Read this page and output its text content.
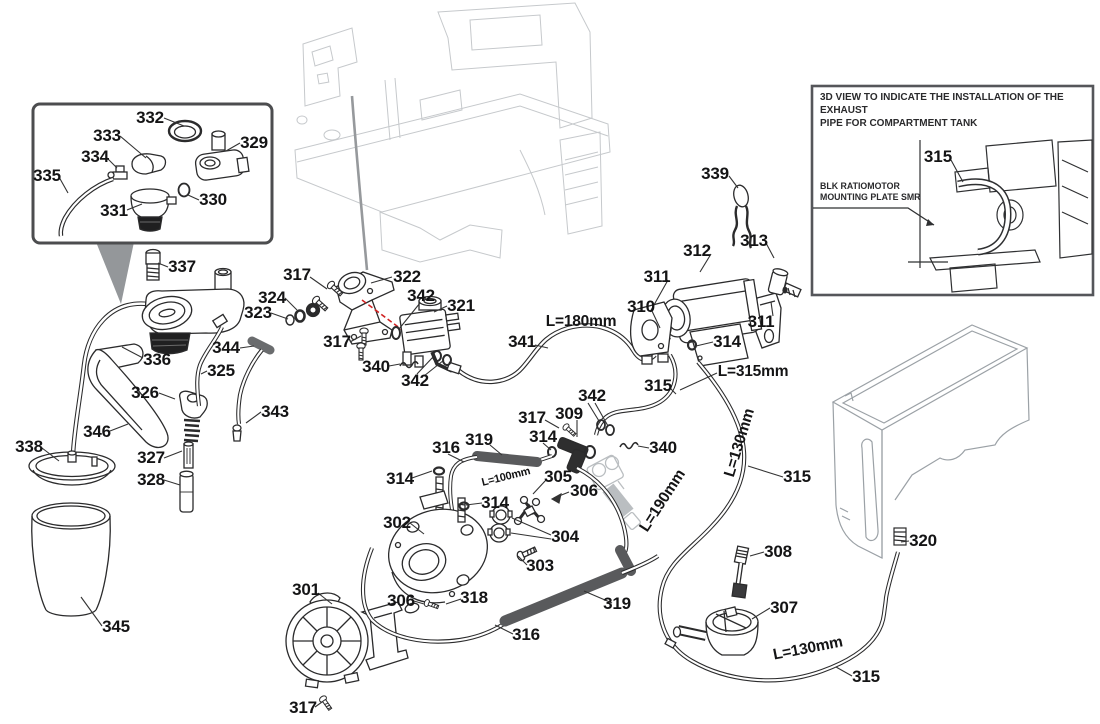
332
333	329
334
335
330
331
337	317	322
339
324	342
321
323
312
313
311
310
311
314
L=180mm
341
336
344	317
340
325
342	315
L=315mm
326
343
342
317 309
314
340
346
338	316 319
L=100mm
314	305
306
327
328
302
314
304
303
L=190mm
L=130mm 315
308
307
320
345
301
306	318	319
316	L=130mm
315
317
3D VIEW TO INDICATE THE INSTALLATION OF THE EXHAUST
PIPE FOR COMPARTMENT TANK
BLK RATIOMOTOR
MOUNTING PLATE SMR
315
